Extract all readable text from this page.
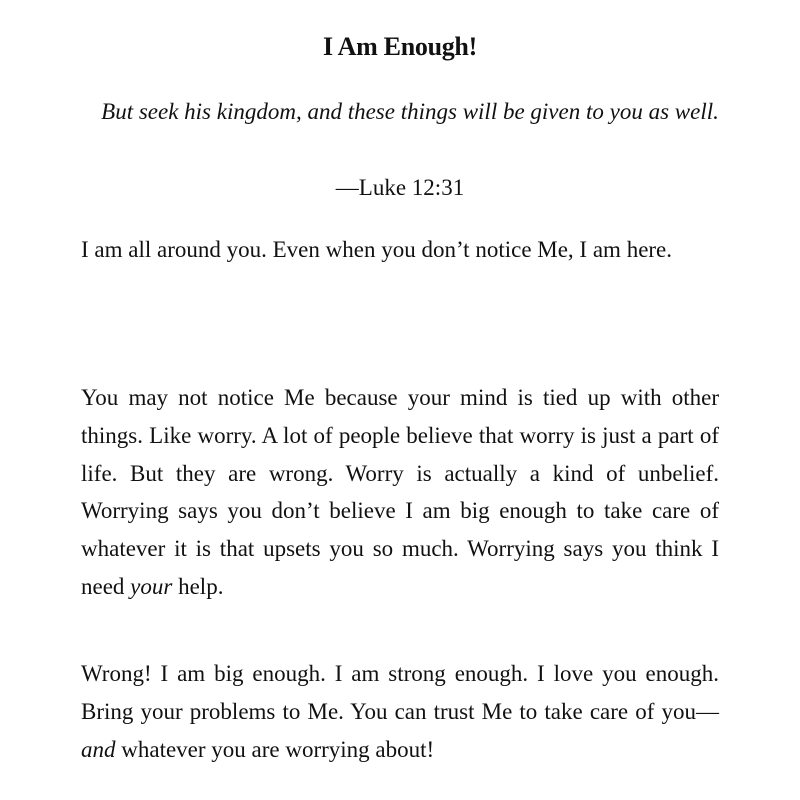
I Am Enough!
But seek his kingdom, and these things will be given to you as well.
—Luke 12:31

I am all around you. Even when you don’t notice Me, I am here.

You may not notice Me because your mind is tied up with other things. Like worry. A lot of people believe that worry is just a part of life. But they are wrong. Worry is actually a kind of unbelief. Worrying says you don’t believe I am big enough to take care of whatever it is that upsets you so much. Worrying says you think I need your help.

Wrong! I am big enough. I am strong enough. I love you enough. Bring your problems to Me. You can trust Me to take care of you—and whatever you are worrying about!
